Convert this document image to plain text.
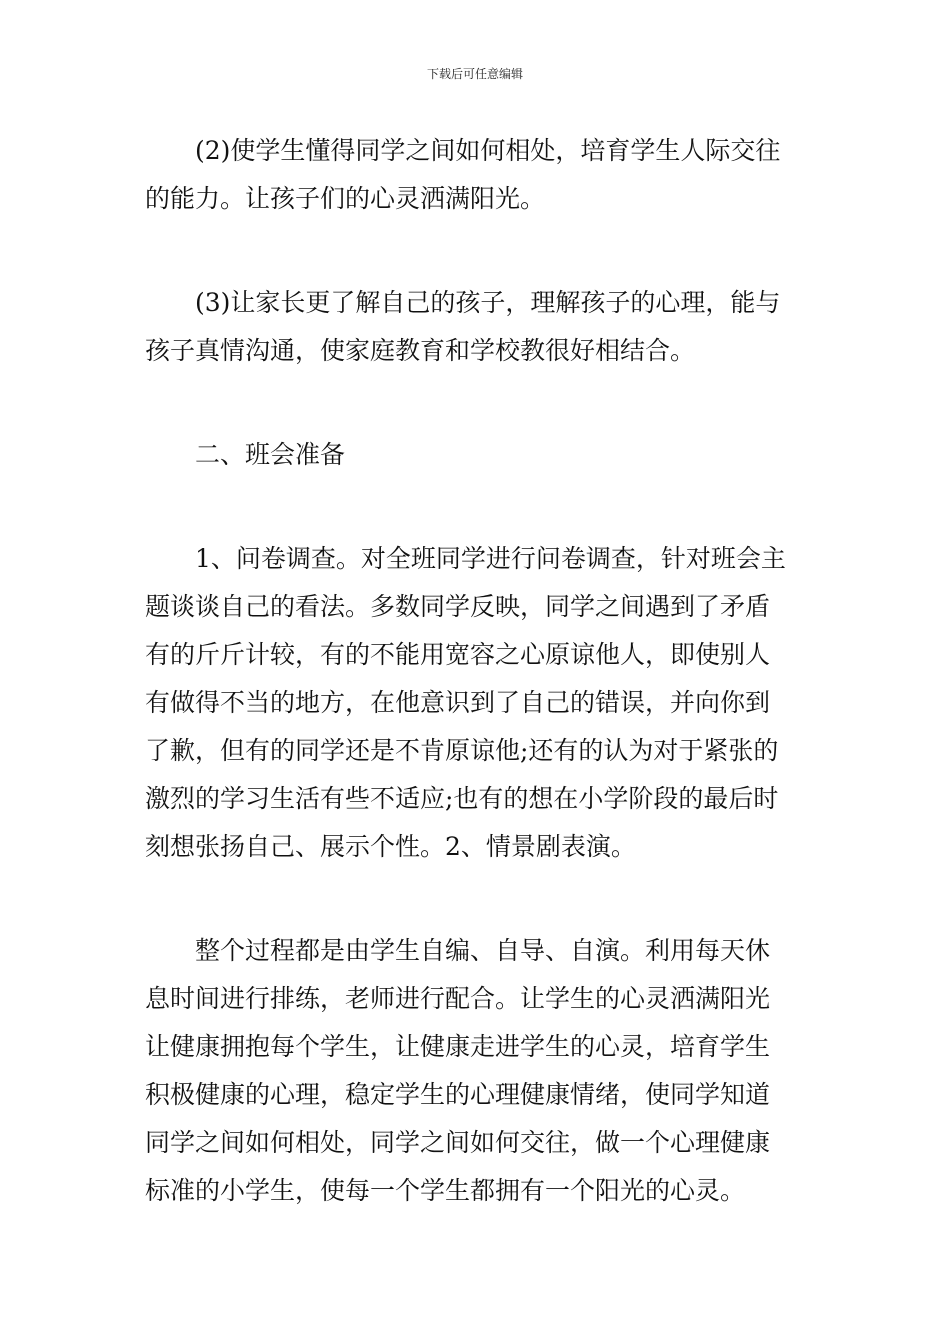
下载后可任意编辑

(2)使学生懂得同学之间如何相处，培育学生人际交往
的能力。让孩子们的心灵洒满阳光。

(3)让家长更了解自己的孩子，理解孩子的心理，能与
孩子真情沟通，使家庭教育和学校教很好相结合。

二、班会准备

1、问卷调查。对全班同学进行问卷调查，针对班会主
题谈谈自己的看法。多数同学反映，同学之间遇到了矛盾
有的斤斤计较，有的不能用宽容之心原谅他人，即使别人
有做得不当的地方，在他意识到了自己的错误，并向你到
了歉，但有的同学还是不肯原谅他;还有的认为对于紧张的
激烈的学习生活有些不适应;也有的想在小学阶段的最后时
刻想张扬自己、展示个性。2、情景剧表演。

整个过程都是由学生自编、自导、自演。利用每天休
息时间进行排练，老师进行配合。让学生的心灵洒满阳光
让健康拥抱每个学生，让健康走进学生的心灵，培育学生
积极健康的心理，稳定学生的心理健康情绪，使同学知道
同学之间如何相处，同学之间如何交往，做一个心理健康
标准的小学生，使每一个学生都拥有一个阳光的心灵。
